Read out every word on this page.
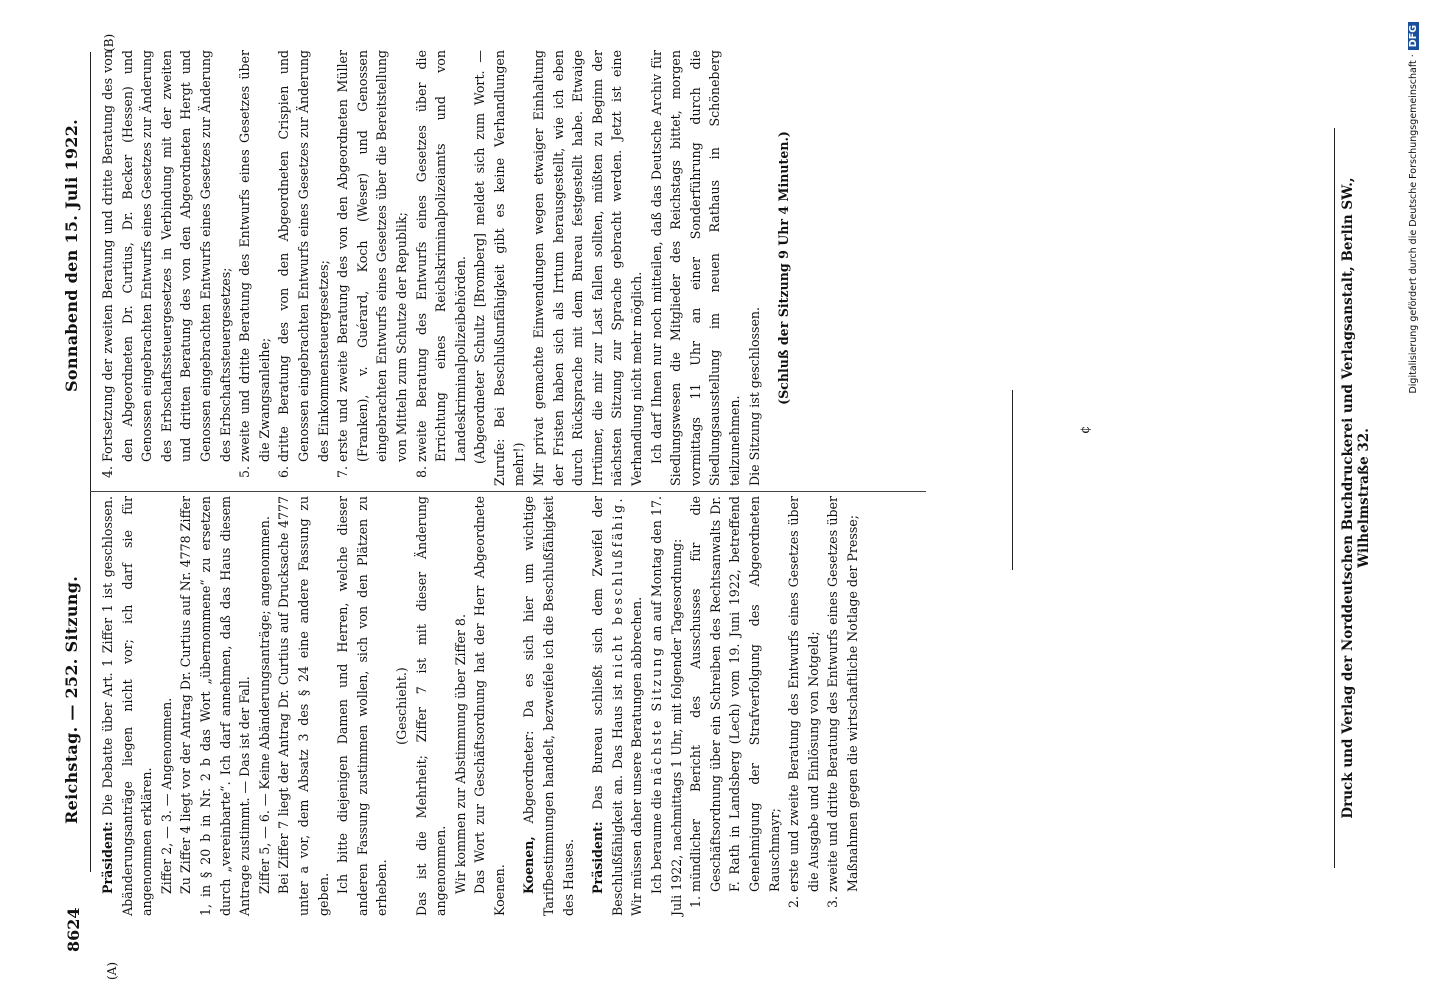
8624
Reichstag. — 252. Sitzung.
Sonnabend den 15. Juli 1922.
(A)
(B)

Präsident: Die Debatte über Art. 1 Ziffer 1 ist geschlossen. Abänderungsanträge liegen nicht vor; ich darf sie für angenommen erklären. Ziffer 2, — 3. — Angenommen. Zu Ziffer 4 liegt vor der Antrag Dr. Curtius auf Nr. 4778 Ziffer 1, in § 20 b in Nr. 2 b das Wort „übernommene“ zu ersetzen durch „vereinbarte“. Ich darf annehmen, daß das Haus diesem Antrage zustimmt. — Das ist der Fall. Ziffer 5, — 6. — Keine Abänderungsanträge; angenommen. Bei Ziffer 7 liegt der Antrag Dr. Curtius auf Drucksache 4777 unter a vor, dem Absatz 3 des § 24 eine andere Fassung zu geben.

Ich bitte diejenigen Damen und Herren, welche dieser anderen Fassung zustimmen wollen, sich von den Plätzen zu erheben.

(Geschieht.) Das ist die Mehrheit; Ziffer 7 ist mit dieser Änderung angenommen. Wir kommen zur Abstimmung über Ziffer 8. Das Wort zur Geschäftsordnung hat der Herr Abgeordnete Koenen. Koenen, Abgeordneter: Da es sich hier um wichtige Tarifbestimmungen handelt, bezweifele ich die Beschlußfähigkeit des Hauses. Präsident: Das Bureau schließt sich dem Zweifel der Beschlußfähigkeit an. Das Haus ist nicht beschlußfähig. Wir müssen daher unsere Beratungen abbrechen. Ich beraume die nächste Sitzung an auf Montag den 17. Juli 1922, nachmittags 1 Uhr, mit folgender Tagesordnung: 1. mündlicher Bericht des Ausschusses für die Geschäftsordnung über ein Schreiben des Rechtsanwalts Dr. F. Rath in Landsberg (Lech) vom 19. Juni 1922, betreffend Genehmigung der Strafverfolgung des Abgeordneten Rauschmayr; 2. erste und zweite Beratung des Entwurfs eines Gesetzes über die Ausgabe und Einlösung von Notgeld; 3. zweite und dritte Beratung des Entwurfs eines Gesetzes über Maßnahmen gegen die wirtschaftliche Notlage der Presse;
4. Fortsetzung der zweiten Beratung und dritte Beratung des von den Abgeordneten Dr. Curtius, Dr. Becker (Hessen) und Genossen eingebrachten Entwurfs eines Gesetzes zur Änderung des Erbschaftssteuergesetzes in Verbindung mit der zweiten und dritten Beratung des von den Abgeordneten Hergt und Genossen eingebrachten Entwurfs eines Gesetzes zur Änderung des Erbschaftssteuergesetzes; 5. zweite und dritte Beratung des Entwurfs eines Gesetzes über die Zwangsanleihe; 6. dritte Beratung des von den Abgeordneten Crispien und Genossen eingebrachten Entwurfs eines Gesetzes zur Änderung des Einkommensteuergesetzes; 7. erste und zweite Beratung des von den Abgeordneten Müller (Franken), v. Guérard, Koch (Weser) und Genossen eingebrachten Entwurfs eines Gesetzes über die Bereitstellung von Mitteln zum Schutze der Republik; 8. zweite Beratung des Entwurfs eines Gesetzes über die Errichtung eines Reichskriminalpolizeiamts und von Landeskriminalpolizeibehörden. (Abgeordneter Schultz [Bromberg] meldet sich zum Wort. — Zurufe: Bei Beschlußunfähigkeit gibt es keine Verhandlungen mehr!) Mir privat gemachte Einwendungen wegen etwaiger Einhaltung der Fristen haben sich als Irrtum herausgestellt, wie ich eben durch Rücksprache mit dem Bureau festgestellt habe. Etwaige Irrtümer, die mir zur Last fallen sollten, müßten zu Beginn der nächsten Sitzung zur Sprache gebracht werden. Jetzt ist eine Verhandlung nicht mehr möglich. Ich darf Ihnen nur noch mitteilen, daß das Deutsche Archiv für Siedlungswesen die Mitglieder des Reichstags bittet, morgen vormittags 11 Uhr an einer Sonderführung durch die Siedlungsausstellung im neuen Rathaus in Schöneberg teilzunehmen. Die Sitzung ist geschlossen. (Schluß der Sitzung 9 Uhr 4 Minuten.)

¢	Druck und Verlag der Norddeutschen Buchdruckerei und Verlagsanstalt, Berlin SW., Wilhelmstraße 32.
Digitalisierung gefördert durch die Deutsche Forschungsgemeinschaft ·DFG
